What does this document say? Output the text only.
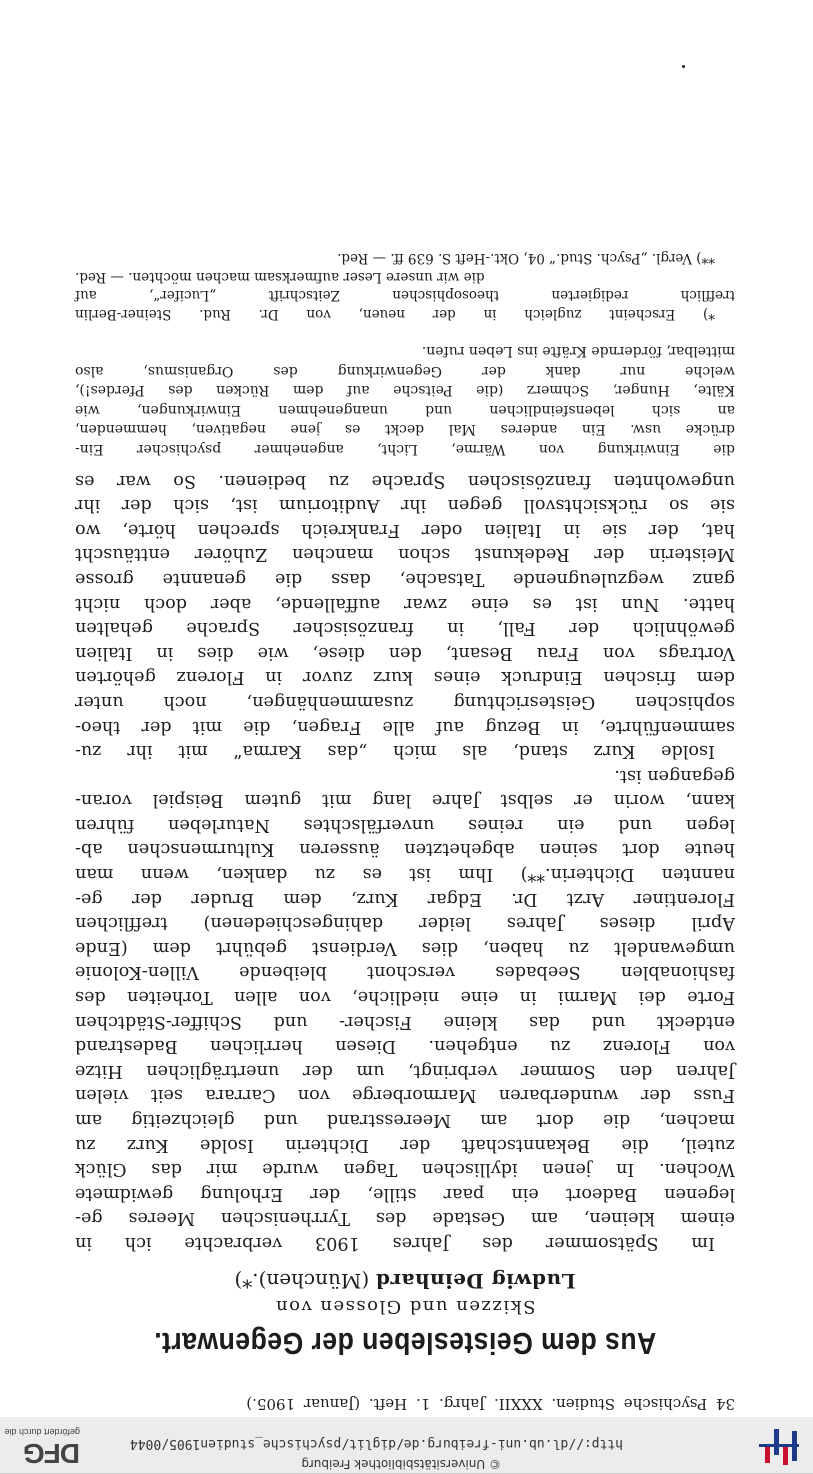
http://dl.ub.uni-freiburg.de/diglit/psychische_studien1905/0044
© Universitätsbibliothek Freiburg
DFG
gefördert durch die
34 Psychische Studien. XXXII. Jahrg. 1. Heft. (Januar 1905.)
Aus dem Geistesleben der Gegenwart.
Skizzen und Glossen von
Ludwig Deinhard (München).*)
Im Spätsommer des Jahres 1903 verbrachte ich in
einem kleinen, am Gestade des Tyrrhenischen Meeres ge-
legenen Badeort ein paar stille, der Erholung gewidmete
Wochen. In jenen idyllischen Tagen wurde mir das Glück
zuteil, die Bekanntschaft der Dichterin Isolde Kurz zu
machen, die dort am Meeresstrand und gleichzeitig am
Fuss der wunderbaren Marmorberge von Carrara seit vielen
Jahren den Sommer verbringt, um der unerträglichen Hitze
von Florenz zu entgehen. Diesen herrlichen Badestrand
entdeckt und das kleine Fischer- und Schiffer-Städtchen
Forte dei Marmi in eine niedliche, von allen Torheiten des
fashionablen Seebades verschont bleibende Villen-Kolonie
umgewandelt zu haben, dies Verdienst gebührt dem (Ende
April dieses Jahres leider dahingeschiedenen) trefflichen
Florentiner Arzt Dr. Edgar Kurz, dem Bruder der ge-
nannten Dichterin.**) Ihm ist es zu danken, wenn man
heute dort seinen abgehetzten äusseren Kulturmenschen ab-
legen und ein reines unverfälschtes Naturleben führen
kann, worin er selbst Jahre lang mit gutem Beispiel voran-
gegangen ist.
Isolde Kurz stand, als mich „das Karma“ mit ihr zu-
sammenführte, in Bezug auf alle Fragen, die mit der theo-
sophischen Geistesrichtung zusammenhängen, noch unter
dem frischen Eindruck eines kurz zuvor in Florenz gehörten
Vortrags von Frau Besant, den diese, wie dies in Italien
gewöhnlich der Fall, in französischer Sprache gehalten
hatte. Nun ist es eine zwar auffallende, aber doch nicht
ganz wegzuleugnende Tatsache, dass die genannte grosse
Meisterin der Redekunst schon manchen Zuhörer enttäuscht
hat, der sie in Italien oder Frankreich sprechen hörte, wo
sie so rücksichtsvoll gegen ihr Auditorium ist, sich der ihr
ungewohnten französischen Sprache zu bedienen. So war es
die Einwirkung von Wärme, Licht, angenehmer psychischer Ein-
drücke usw. Ein anderes Mal deckt es jene negativen, hemmenden,
an sich lebensfeindlichen und unangenehmen Einwirkungen, wie
Kälte, Hunger, Schmerz (die Peitsche auf dem Rücken des Pferdes!),
welche nur dank der Gegenwirkung des Organismus, also
mittelbar, fördernde Kräfte ins Leben rufen.
*) Erscheint zugleich in der neuen, von Dr. Rud. Steiner-Berlin
trefflich redigierten theosophischen Zeitschrift „Lucifer“, auf
die wir unsere Leser aufmerksam machen möchten. — Red.
**) Vergl. „Psych. Stud.“ 04, Okt.-Heft S. 639 ff. — Red.
